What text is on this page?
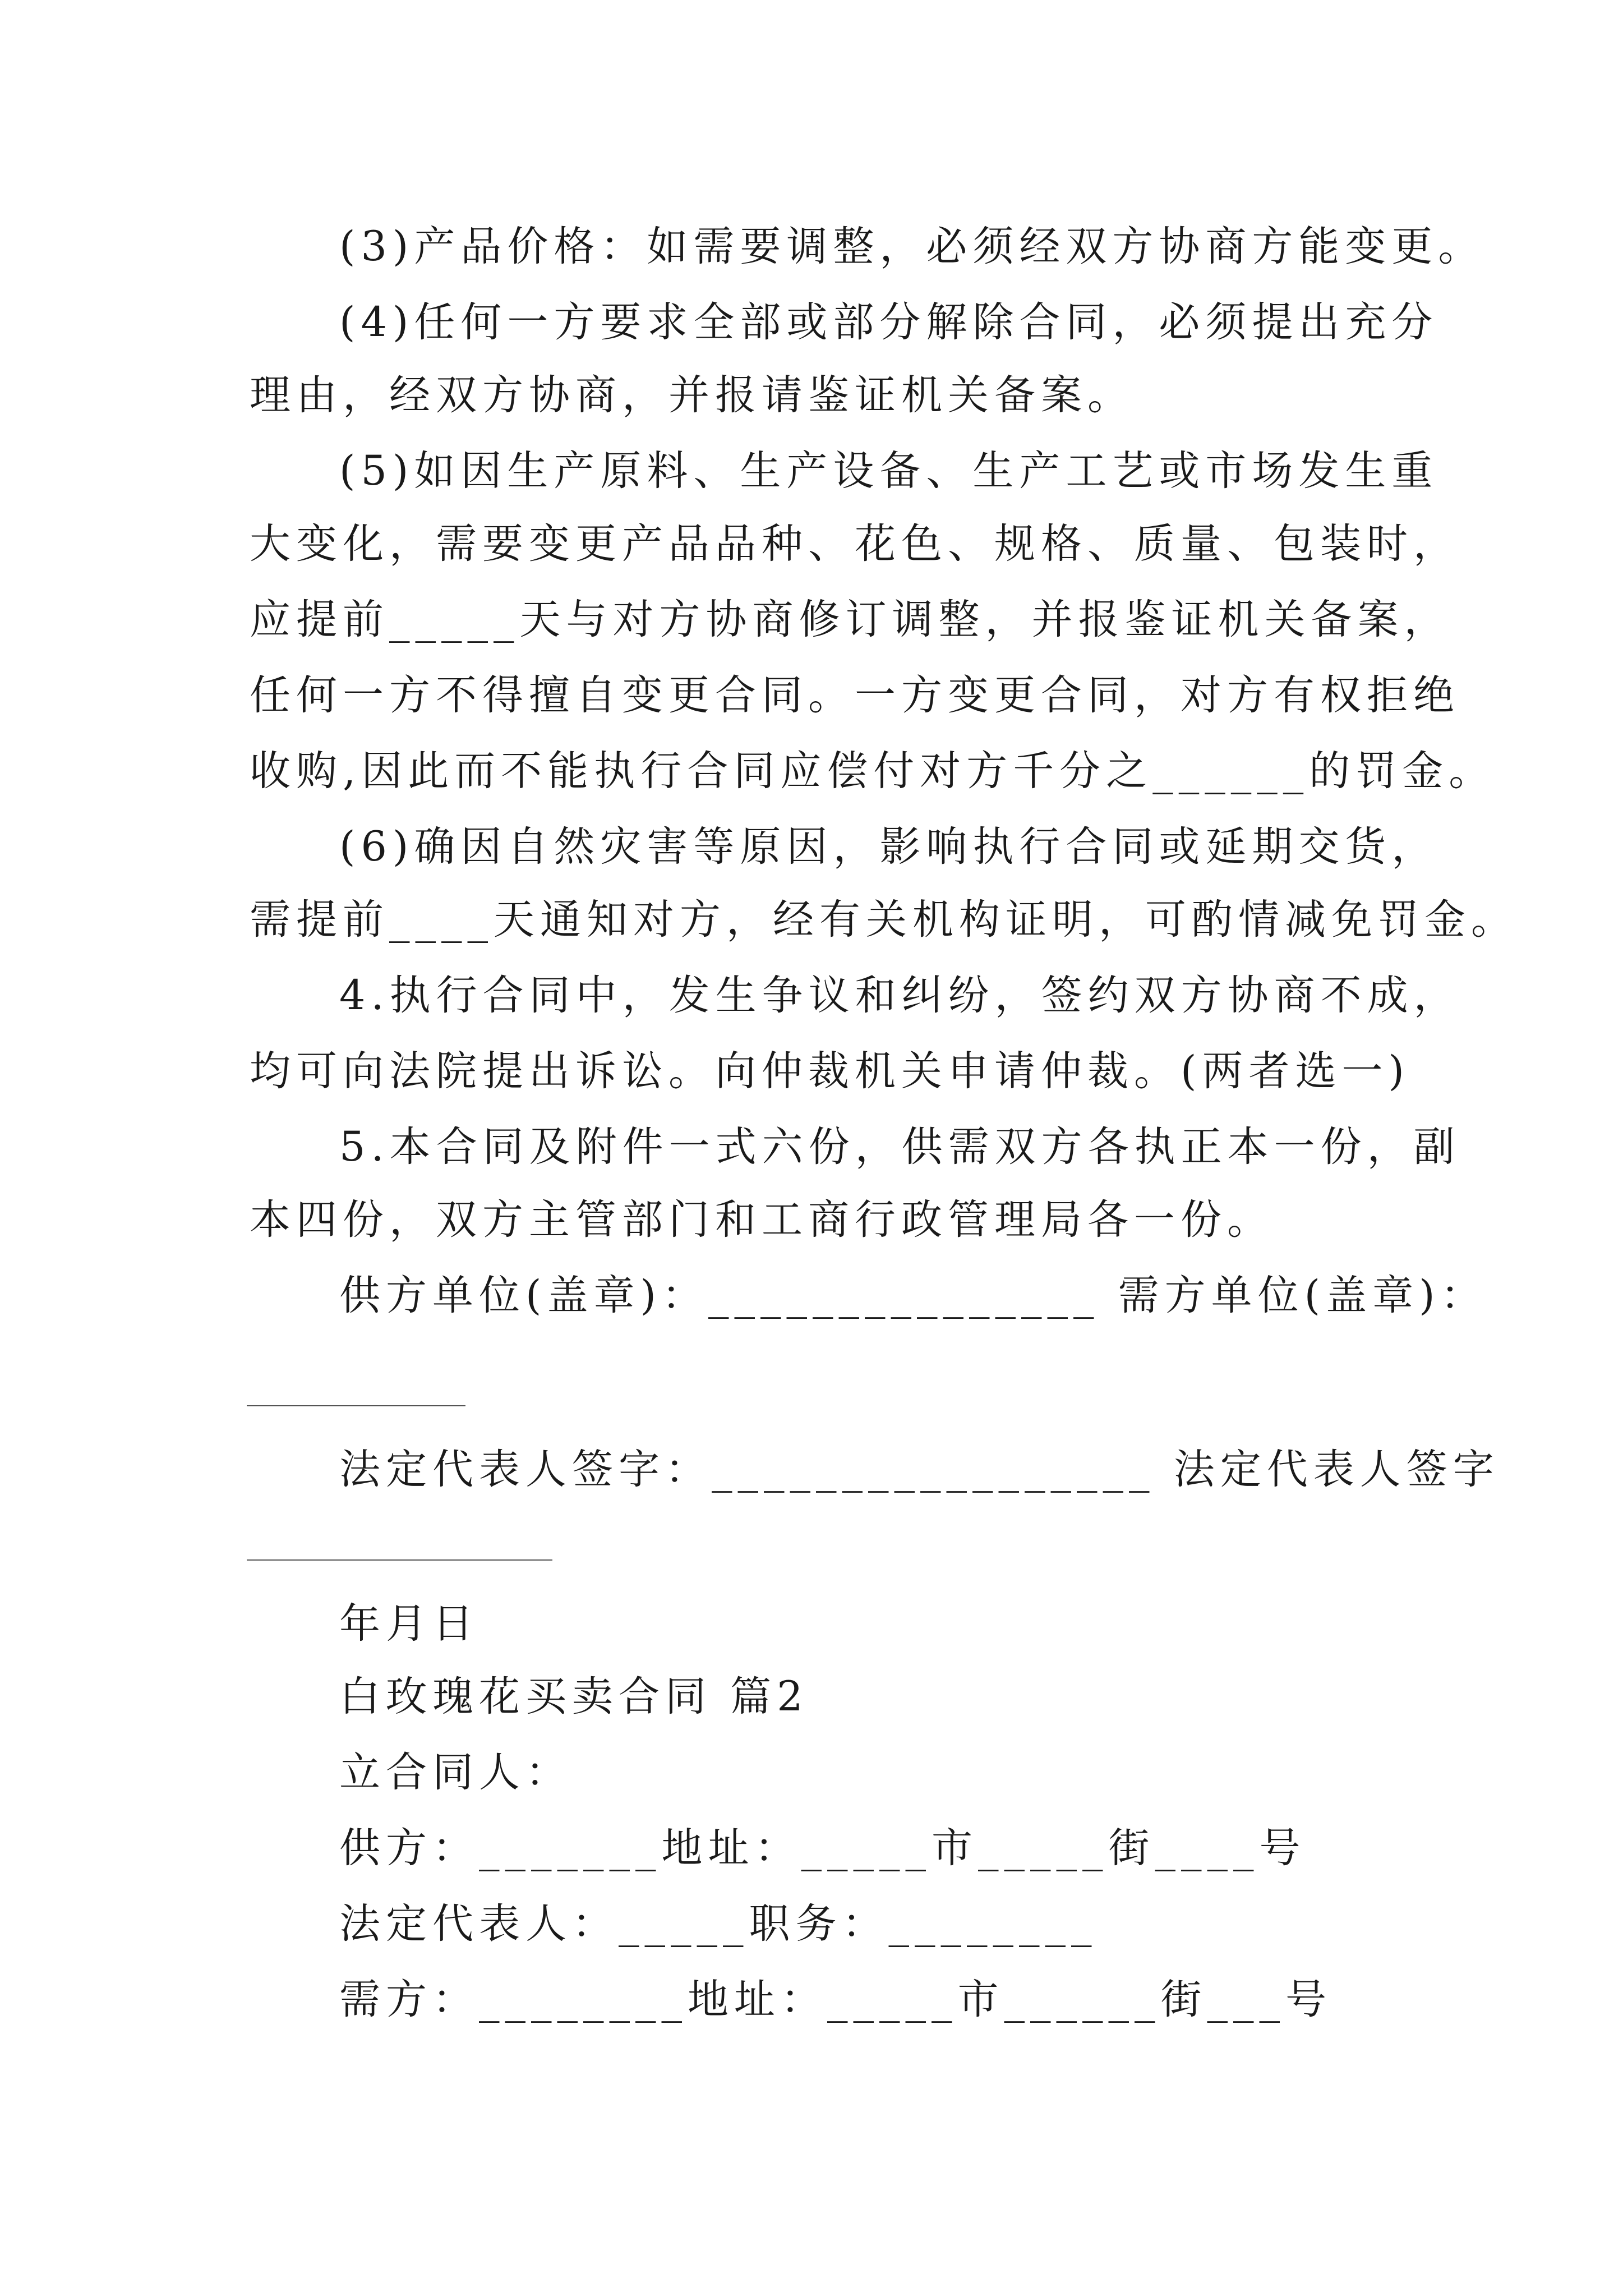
(3)产品价格：如需要调整，必须经双方协商方能变更。
(4)任何一方要求全部或部分解除合同，必须提出充分
理由，经双方协商，并报请鉴证机关备案。
(5)如因生产原料、生产设备、生产工艺或市场发生重
大变化，需要变更产品品种、花色、规格、质量、包装时，
应提前_____天与对方协商修订调整，并报鉴证机关备案，
任何一方不得擅自变更合同。一方变更合同，对方有权拒绝
收购,因此而不能执行合同应偿付对方千分之______的罚金。
(6)确因自然灾害等原因，影响执行合同或延期交货，
需提前____天通知对方，经有关机构证明，可酌情减免罚金。
4.执行合同中，发生争议和纠纷，签约双方协商不成，
均可向法院提出诉讼。向仲裁机关申请仲裁。(两者选一)
5.本合同及附件一式六份，供需双方各执正本一份，副
本四份，双方主管部门和工商行政管理局各一份。
供方单位(盖章)：_______________ 需方单位(盖章)：
法定代表人签字：_________________ 法定代表人签字
年月日
白玫瑰花买卖合同 篇2
立合同人：
供方：_______地址：_____市_____街____号
法定代表人：_____职务：________
需方：________地址：_____市______街___号
